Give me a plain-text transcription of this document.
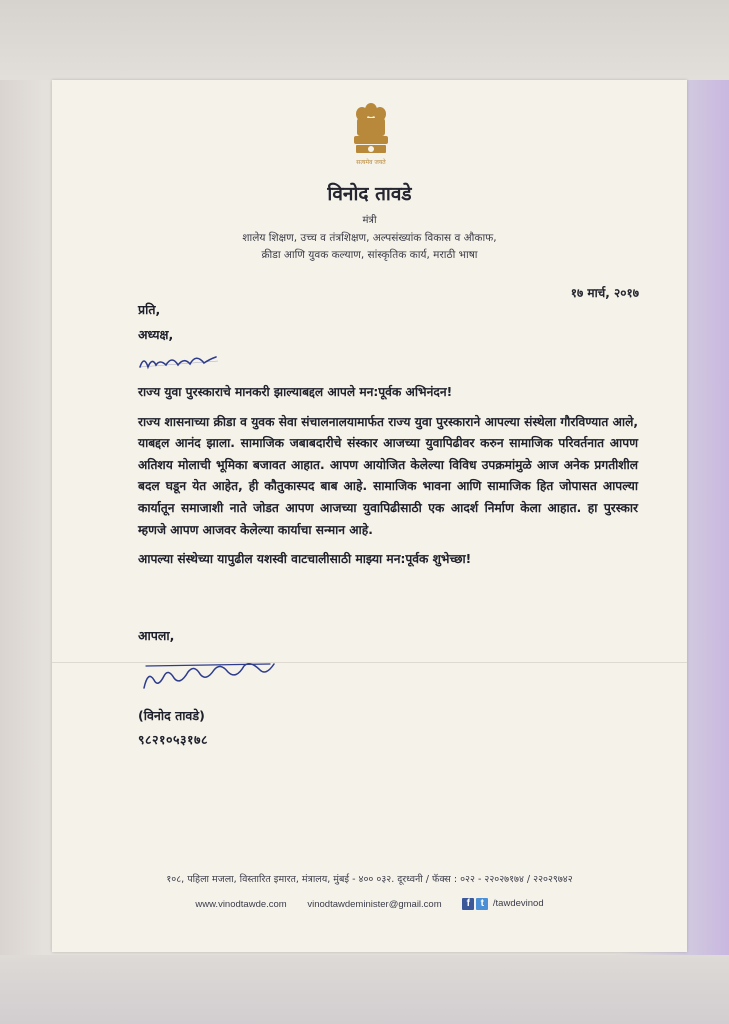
सत्यमेव जयते
विनोद तावडे
मंत्री
शालेय शिक्षण, उच्च व तंत्रशिक्षण, अल्पसंख्यांक विकास व औकाफ,
क्रीडा आणि युवक कल्याण, सांस्कृतिक कार्य, मराठी भाषा
१७ मार्च, २०१७
प्रति,
अध्यक्ष,

राज्य युवा पुरस्काराचे मानकरी झाल्याबद्दल आपले मन:पूर्वक अभिनंदन!

राज्य शासनाच्या क्रीडा व युवक सेवा संचालनालयामार्फत राज्य युवा पुरस्काराने आपल्या संस्थेला गौरविण्यात आले, याबद्दल आनंद झाला. सामाजिक जबाबदारीचे संस्कार आजच्या युवापिढीवर करुन सामाजिक परिवर्तनात आपण अतिशय मोलाची भूमिका बजावत आहात. आपण आयोजित केलेल्या विविध उपक्रमांमुळे आज अनेक प्रगतीशील बदल घडून येत आहेत, ही कौतुकास्पद बाब आहे. सामाजिक भावना आणि सामाजिक हित जोपासत आपल्या कार्यातून समाजाशी नाते जोडत आपण आजच्या युवापिढीसाठी एक आदर्श निर्माण केला आहात. हा पुरस्कार म्हणजे आपण आजवर केलेल्या कार्याचा सन्मान आहे.

आपल्या संस्थेच्या यापुढील यशस्वी वाटचालीसाठी माझ्या मन:पूर्वक शुभेच्छा!

आपला,
(विनोद तावडे)
९८२१०५३१७८
१०८, पहिला मजला, विस्तारित इमारत, मंत्रालय, मुंबई - ४०० ०३२. दूरध्वनी / फॅक्स : ०२२ - २२०२७१७४ / २२०२९७४२
www.vinodtawde.com vinodtawdeminister@gmail.com f t /tawdevinod
